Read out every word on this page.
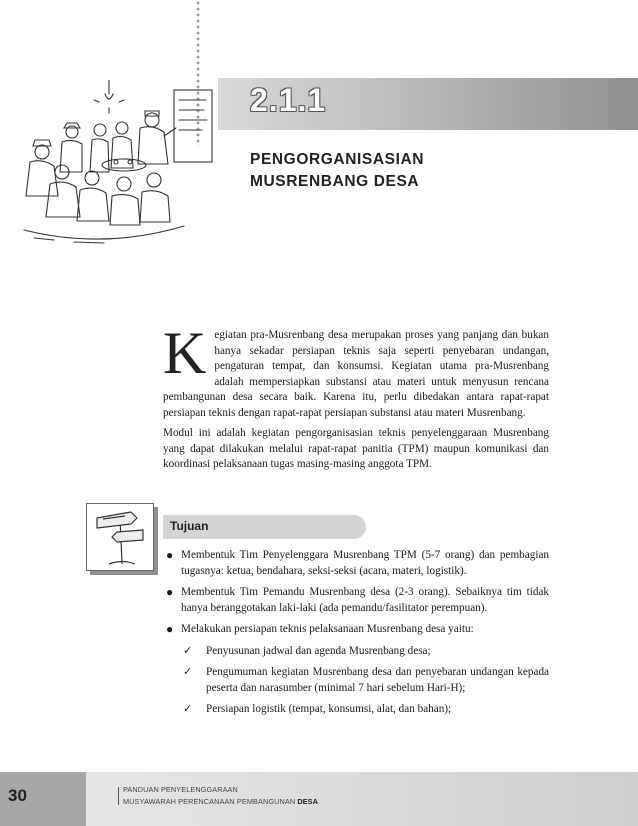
2.1.1
PENGORGANISASIAN
MUSRENBANG DESA

Kegiatan pra-Musrenbang desa merupakan proses yang panjang dan bukan hanya sekadar persiapan teknis saja seperti penyebaran undangan, pengaturan tempat, dan konsumsi. Kegiatan utama pra-Musrenbang adalah mempersiapkan substansi atau materi untuk menyusun rencana pembangunan desa secara baik. Karena itu, perlu dibedakan antara rapat-rapat persiapan teknis dengan rapat-rapat persiapan substansi atau materi Musrenbang.

Modul ini adalah kegiatan pengorganisasian teknis penyelenggaraan Musrenbang yang dapat dilakukan melalui rapat-rapat panitia (TPM) maupun komunikasi dan koordinasi pelaksanaan tugas masing-masing anggota TPM.

Tujuan
● Membentuk Tim Penyelenggara Musrenbang TPM (5-7 orang) dan pembagian tugasnya: ketua, bendahara, seksi-seksi (acara, materi, logistik).
● Membentuk Tim Pemandu Musrenbang desa (2-3 orang). Sebaiknya tim tidak hanya beranggotakan laki-laki (ada pemandu/fasilitator perempuan).
● Melakukan persiapan teknis pelaksanaan Musrenbang desa yaitu:
✓ Penyusunan jadwal dan agenda Musrenbang desa;
✓ Pengumuman kegiatan Musrenbang desa dan penyebaran undangan kepada peserta dan narasumber (minimal 7 hari sebelum Hari-H);
✓ Persiapan logistik (tempat, konsumsi, alat, dan bahan);
30	PANDUAN PENYELENGGARAAN
MUSYAWARAH PERENCANAAN PEMBANGUNAN DESA
